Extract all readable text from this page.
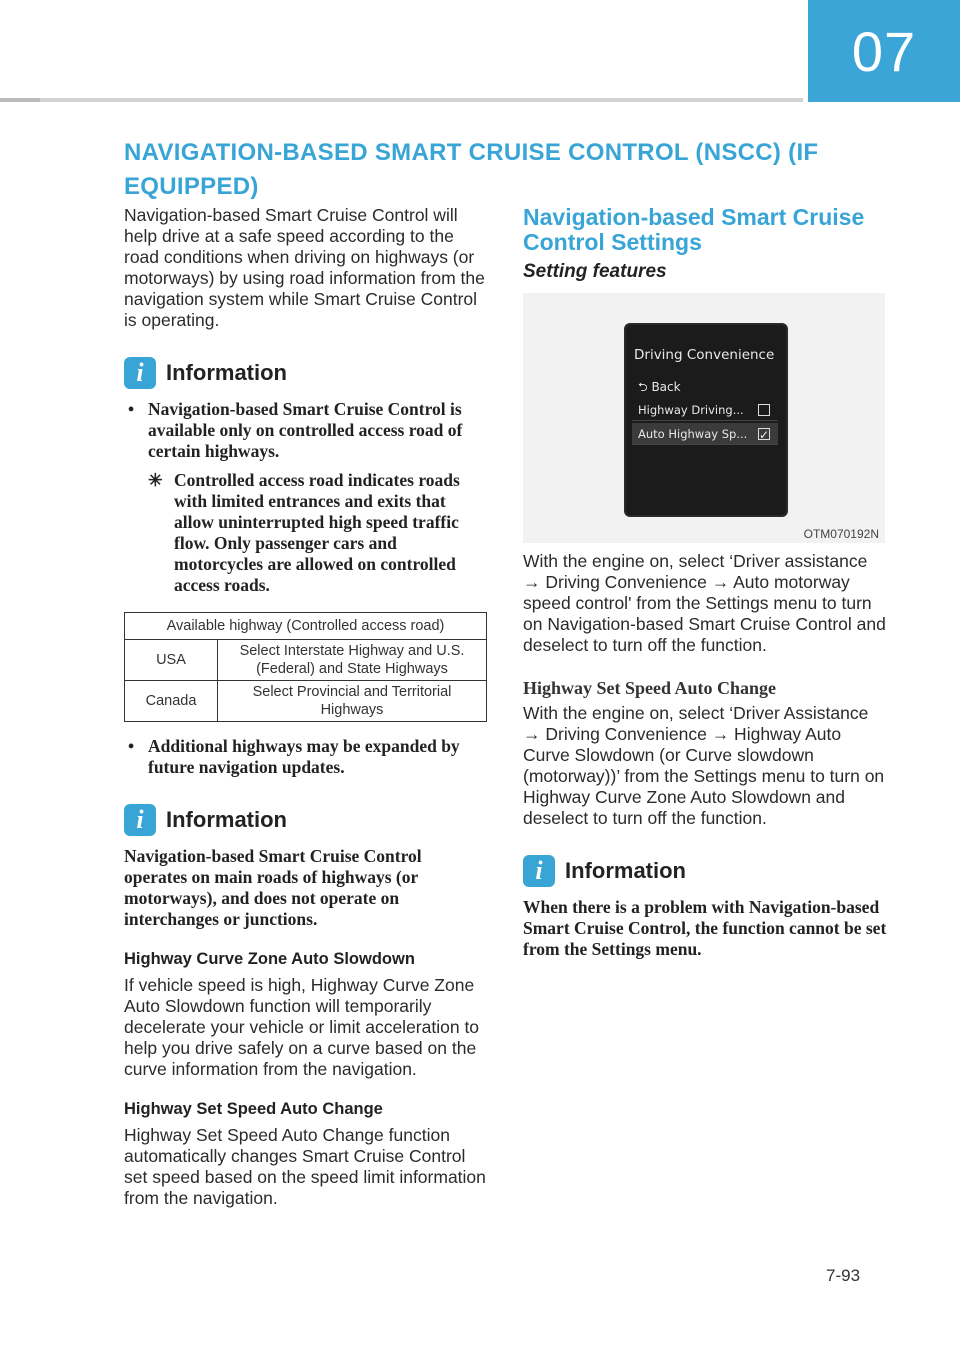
07
NAVIGATION-BASED SMART CRUISE CONTROL (NSCC) (IF EQUIPPED)

Navigation-based Smart Cruise Control will help drive at a safe speed according to the road conditions when driving on highways (or motorways) by using road information from the navigation system while Smart Cruise Control is operating.

i	Information
• Navigation-based Smart Cruise Control is available only on controlled access road of certain highways.
✳ Controlled access road indicates roads with limited entrances and exits that allow uninterrupted high speed traffic flow. Only passenger cars and motorcycles are allowed on controlled access roads.
Available highway (Controlled access road)	
USA	Select Interstate Highway and U.S. (Federal) and State Highways
Canada	Select Provincial and Territorial Highways
• Additional highways may be expanded by future navigation updates.
i	Information

Navigation-based Smart Cruise Control operates on main roads of highways (or motorways), and does not operate on interchanges or junctions.

Highway Curve Zone Auto Slowdown

If vehicle speed is high, Highway Curve Zone Auto Slowdown function will temporarily decelerate your vehicle or limit acceleration to help you drive safely on a curve based on the curve information from the navigation.

Highway Set Speed Auto Change

Highway Set Speed Auto Change function automatically changes Smart Cruise Control set speed based on the speed limit information from the navigation.

Navigation-based Smart Cruise Control Settings
Setting features
Driving Convenience
⮌ Back
Highway Driving...
Auto Highway Sp...
✓
OTM070192N

With the engine on, select ‘Driver assistance → Driving Convenience → Auto motorway speed control' from the Settings menu to turn on Navigation-based Smart Cruise Control and deselect to turn off the function.

Highway Set Speed Auto Change

With the engine on, select ‘Driver Assistance → Driving Convenience → Highway Auto Curve Slowdown (or Curve slowdown (motorway))’ from the Settings menu to turn on Highway Curve Zone Auto Slowdown and deselect to turn off the function.

i	Information

When there is a problem with Navigation-based Smart Cruise Control, the function cannot be set from the Settings menu.

7-93
